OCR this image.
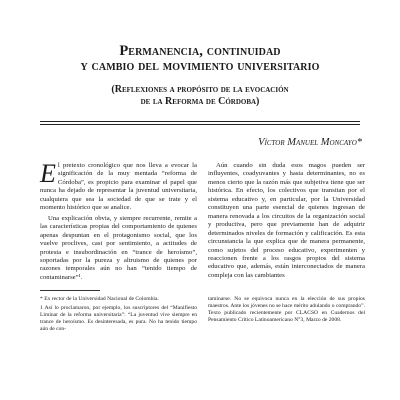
Permanencia, continuidad
y cambio del movimiento universitario
(Reflexiones a propósito de la evocación
de la Reforma de Córdoba)
Víctor Manuel Moncayo*

El pretexto cronológico que nos lleva a evocar la significación de la muy mentada “reforma de Córdoba”, es propicio para examinar el papel que nunca ha dejado de representar la juventud universitaria, cualquiera que sea la sociedad de que se trate y el momento histórico que se analice.

Una explicación obvia, y siempre recurrente, remite a las características propias del comportamiento de quienes apenas despuntan en el protagonismo social, que los vuelve proclives, casi por sentimiento, a actitudes de protesta e insubordinación en “trance de heroísmo”, soportadas por la pureza y altruismo de quienes por razones temporales aún no han “tenido tiempo de contaminarse”¹.

Aún cuando sin duda esos magos pueden ser influyentes, coadyuvantes y hasta determinantes, no es menos cierto que la razón más que subjetiva tiene que ser histórica. En efecto, los colectivos que transitan por el sistema educativo y, en particular, por la Universidad constituyen una parte esencial de quienes ingresan de manera renovada a los circuitos de la organización social y productiva, pero que previamente han de adquirir determinados niveles de formación y calificación. Es esta circunstancia la que explica que de manera permanente, como sujetos del proceso educativo, experimenten y reaccionen frente a los rasgos propios del sistema educativo que, además, están interconectados de manera compleja con las cambiantes

* Ex rector de la Universidad Nacional de Colombia.

1 Así lo proclamaron, por ejemplo, los suscriptores del “Manifiesto Liminar de la reforma universitaria”: “La juventud vive siempre en trance de heroísmo. Es desinteresada, es pura. No ha tenido tiempo aún de con-

taminarse. No se equivoca nunca en la elección de sus propios maestros. Ante los jóvenes no se hace mérito adulando o comprando”. Texto publicado recientemente por CLACSO en Cuadernos del Pensamiento Crítico Latinoamericano N°3, Marzo de 2008.
